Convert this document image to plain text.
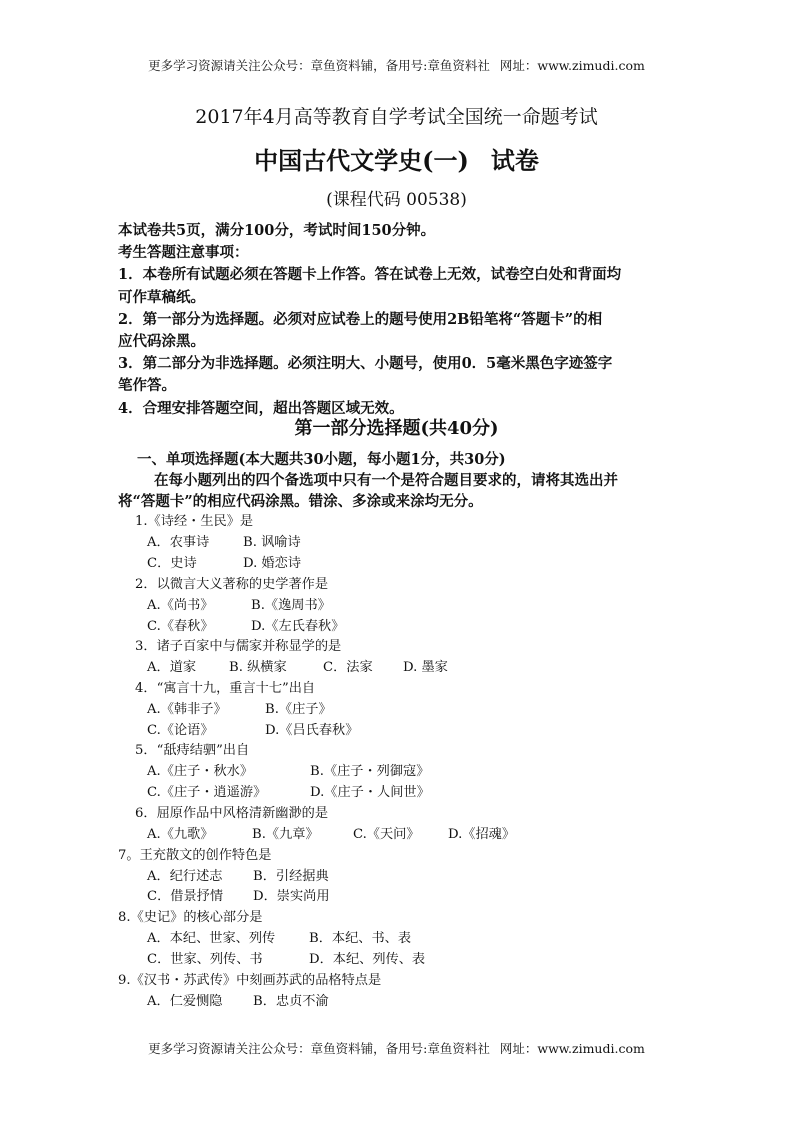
更多学习资源请关注公众号：章鱼资料铺，备用号:章鱼资料社 网址：www.zimudi.com
2017年4月高等教育自学考试全国统一命题考试
中国古代文学史(一) 试卷
(课程代码 00538)
本试卷共5页，满分100分，考试时间150分钟。
考生答题注意事项：
1．本卷所有试题必须在答题卡上作答。答在试卷上无效，试卷空白处和背面均
可作草稿纸。
2．第一部分为选择题。必须对应试卷上的题号使用2B铅笔将“答题卡”的相
应代码涂黑。
3．第二部分为非选择题。必须注明大、小题号，使用0．5毫米黑色字迹签字
笔作答。
4．合理安排答题空间，超出答题区域无效。
第一部分选择题(共40分)
一、单项选择题(本大题共30小题，每小题1分，共30分)
在每小题列出的四个备选项中只有一个是符合题目要求的，请将其选出并
将“答题卡”的相应代码涂黑。错涂、多涂或来涂均无分。
1.《诗经・生民》是
A．农事诗	B. 讽喻诗
C．史诗	D. 婚恋诗
2．以微言大义著称的史学著作是
A.《尚书》	B.《逸周书》
C.《春秋》	D.《左氏春秋》
3．诸子百家中与儒家并称显学的是
A．道家 B. 纵横家	C．法家 D. 墨家
4．“寓言十九，重言十七”出自
A.《韩非子》	B.《庄子》
C.《论语》	D.《吕氏春秋》
5．“舐痔结驷”出自
A.《庄子・秋水》	B.《庄子・列御寇》
C.《庄子・逍遥游》	D.《庄子・人间世》
6．屈原作品中风格清新幽渺的是
A.《九歌》	B.《九章》	C.《天问》 D.《招魂》
7。王充散文的创作特色是
A．纪行述志 B．引经据典
C．借景抒情 D．崇实尚用
8.《史记》的核心部分是
A．本纪、世家、列传	B．本纪、书、表
C．世家、列传、书	D．本纪、列传、表
9.《汉书・苏武传》中刻画苏武的品格特点是
A．仁爱恻隐 B．忠贞不渝
更多学习资源请关注公众号：章鱼资料铺，备用号:章鱼资料社 网址：www.zimudi.com
